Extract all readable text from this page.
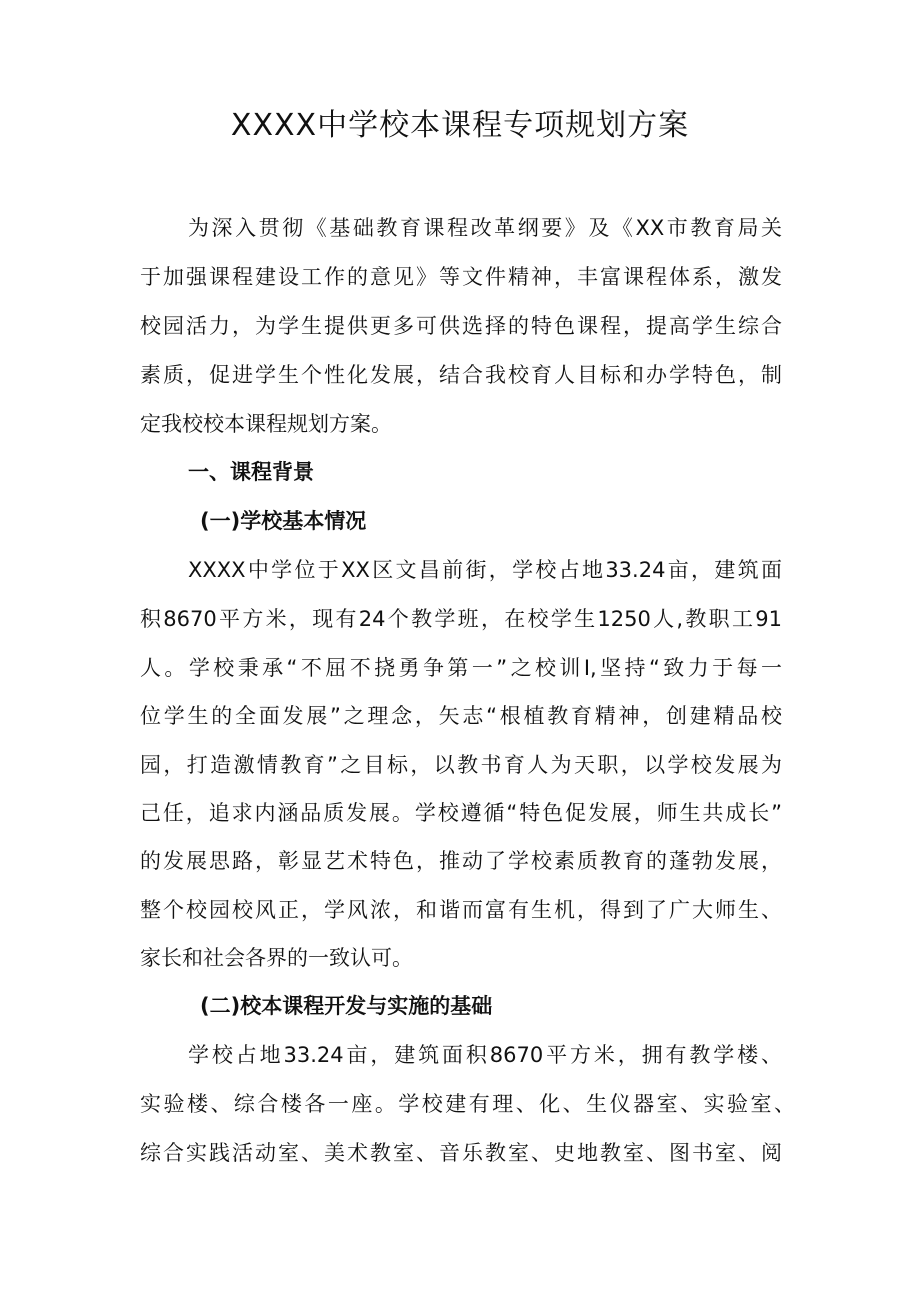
XXXX中学校本课程专项规划方案
为深入贯彻《基础教育课程改革纲要》及《XX市教育局关
于加强课程建设工作的意见》等文件精神，丰富课程体系，激发
校园活力，为学生提供更多可供选择的特色课程，提高学生综合
素质，促进学生个性化发展，结合我校育人目标和办学特色，制
定我校校本课程规划方案。
一、课程背景
(一)学校基本情况
XXXX中学位于XX区文昌前街，学校占地33.24亩，建筑面
积8670平方米，现有24个教学班，在校学生1250人,教职工91
人。学校秉承“不屈不挠勇争第一”之校训I,坚持“致力于每一
位学生的全面发展”之理念，矢志“根植教育精神，创建精品校
园，打造激情教育”之目标，以教书育人为天职，以学校发展为
己任，追求内涵品质发展。学校遵循“特色促发展，师生共成长”
的发展思路，彰显艺术特色，推动了学校素质教育的蓬勃发展，
整个校园校风正，学风浓，和谐而富有生机，得到了广大师生、
家长和社会各界的一致认可。
(二)校本课程开发与实施的基础
学校占地33.24亩，建筑面积8670平方米，拥有教学楼、
实验楼、综合楼各一座。学校建有理、化、生仪器室、实验室、
综合实践活动室、美术教室、音乐教室、史地教室、图书室、阅
